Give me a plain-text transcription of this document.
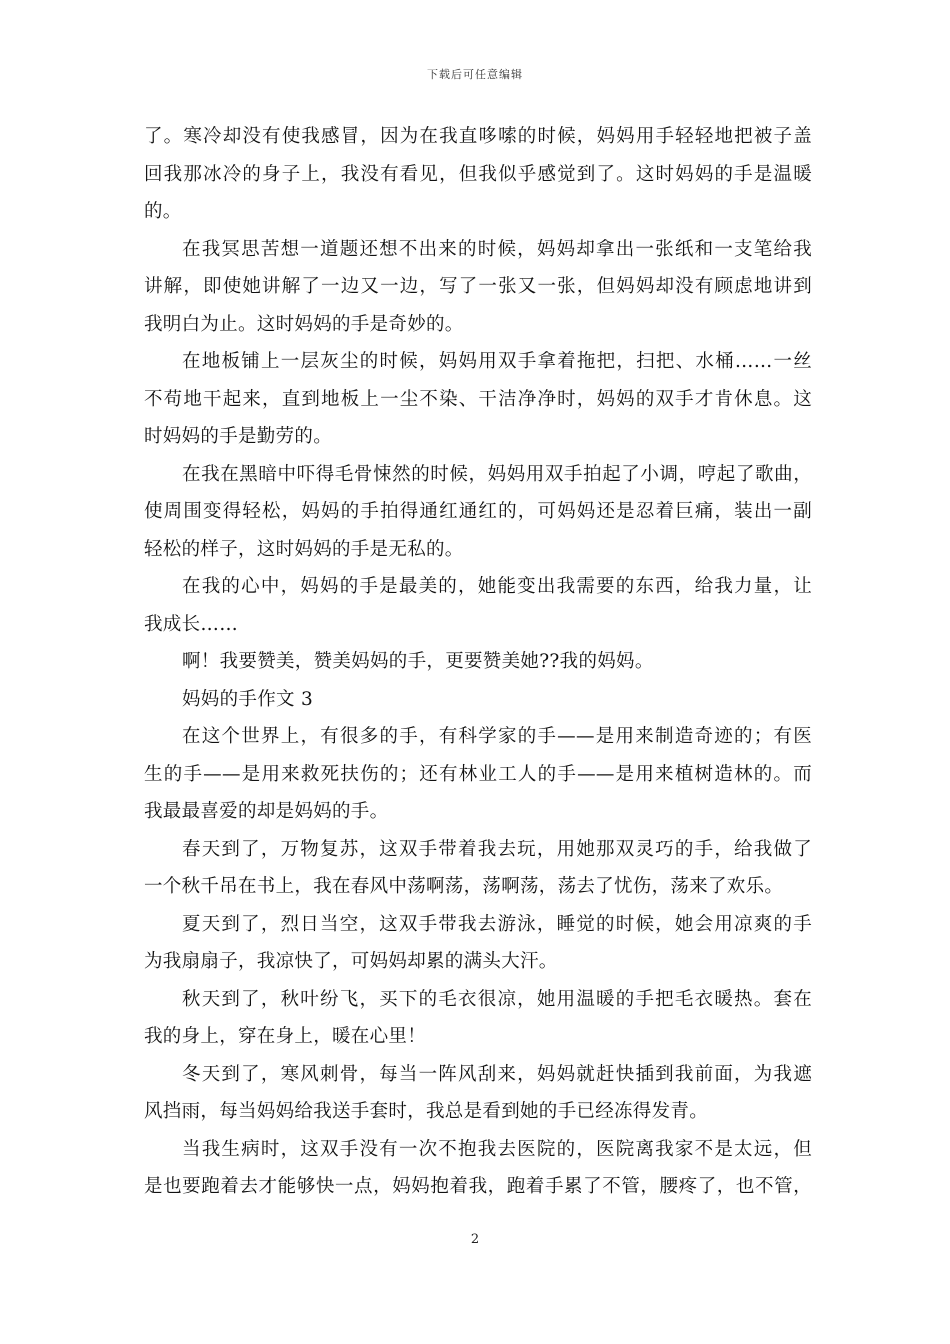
下载后可任意编辑
了。寒冷却没有使我感冒，因为在我直哆嗦的时候，妈妈用手轻轻地把被子盖
回我那冰冷的身子上，我没有看见，但我似乎感觉到了。这时妈妈的手是温暖
的。
在我冥思苦想一道题还想不出来的时候，妈妈却拿出一张纸和一支笔给我
讲解，即使她讲解了一边又一边，写了一张又一张，但妈妈却没有顾虑地讲到
我明白为止。这时妈妈的手是奇妙的。
在地板铺上一层灰尘的时候，妈妈用双手拿着拖把，扫把、水桶……一丝
不苟地干起来，直到地板上一尘不染、干洁净净时，妈妈的双手才肯休息。这
时妈妈的手是勤劳的。
在我在黑暗中吓得毛骨悚然的时候，妈妈用双手拍起了小调，哼起了歌曲，
使周围变得轻松，妈妈的手拍得通红通红的，可妈妈还是忍着巨痛，装出一副
轻松的样子，这时妈妈的手是无私的。
在我的心中，妈妈的手是最美的，她能变出我需要的东西，给我力量，让
我成长……
啊！我要赞美，赞美妈妈的手，更要赞美她??我的妈妈。
妈妈的手作文 3
在这个世界上，有很多的手，有科学家的手——是用来制造奇迹的；有医
生的手——是用来救死扶伤的；还有林业工人的手——是用来植树造林的。而
我最最喜爱的却是妈妈的手。
春天到了，万物复苏，这双手带着我去玩，用她那双灵巧的手，给我做了
一个秋千吊在书上，我在春风中荡啊荡，荡啊荡，荡去了忧伤，荡来了欢乐。
夏天到了，烈日当空，这双手带我去游泳，睡觉的时候，她会用凉爽的手
为我扇扇子，我凉快了，可妈妈却累的满头大汗。
秋天到了，秋叶纷飞，买下的毛衣很凉，她用温暖的手把毛衣暖热。套在
我的身上，穿在身上，暖在心里！
冬天到了，寒风刺骨，每当一阵风刮来，妈妈就赶快插到我前面，为我遮
风挡雨，每当妈妈给我送手套时，我总是看到她的手已经冻得发青。
当我生病时，这双手没有一次不抱我去医院的，医院离我家不是太远，但
是也要跑着去才能够快一点，妈妈抱着我，跑着手累了不管，腰疼了，也不管，
2
